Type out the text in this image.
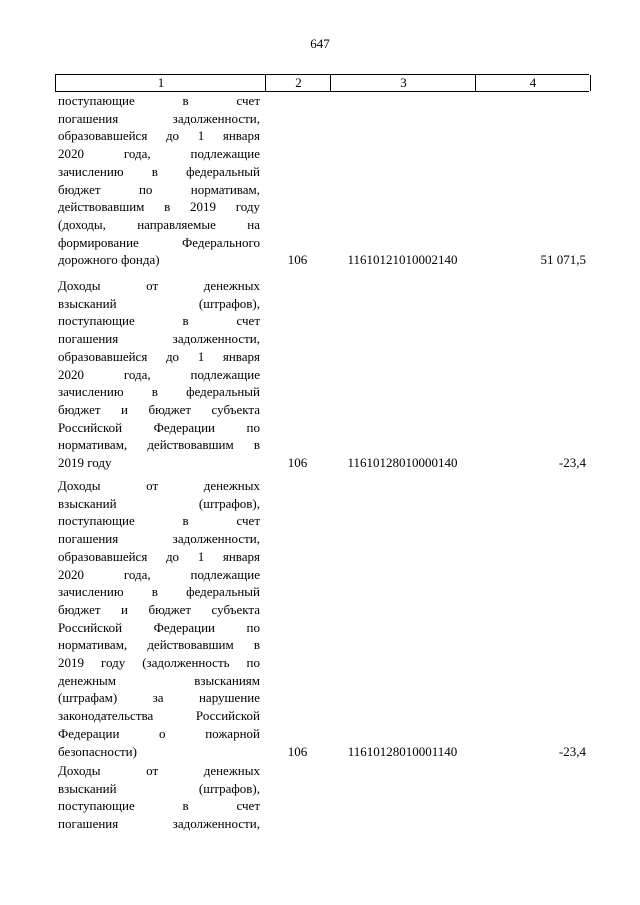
647
1	2	3	4
поступающие в счет
погашения задолженности,
образовавшейся до 1 января
2020 года, подлежащие
зачислению в федеральный
бюджет по нормативам,
действовавшим в 2019 году
(доходы, направляемые на
формирование Федерального
дорожного фонда)	106	11610121010002140	51 071,5
Доходы от денежных
взысканий (штрафов),
поступающие в счет
погашения задолженности,
образовавшейся до 1 января
2020 года, подлежащие
зачислению в федеральный
бюджет и бюджет субъекта
Российской Федерации по
нормативам, действовавшим в
2019 году	106	11610128010000140	-23,4
Доходы от денежных
взысканий (штрафов),
поступающие в счет
погашения задолженности,
образовавшейся до 1 января
2020 года, подлежащие
зачислению в федеральный
бюджет и бюджет субъекта
Российской Федерации по
нормативам, действовавшим в
2019 году (задолженность по
денежным взысканиям
(штрафам) за нарушение
законодательства Российской
Федерации о пожарной
безопасности)	106	11610128010001140	-23,4
Доходы от денежных
взысканий (штрафов),
поступающие в счет
погашения задолженности,
